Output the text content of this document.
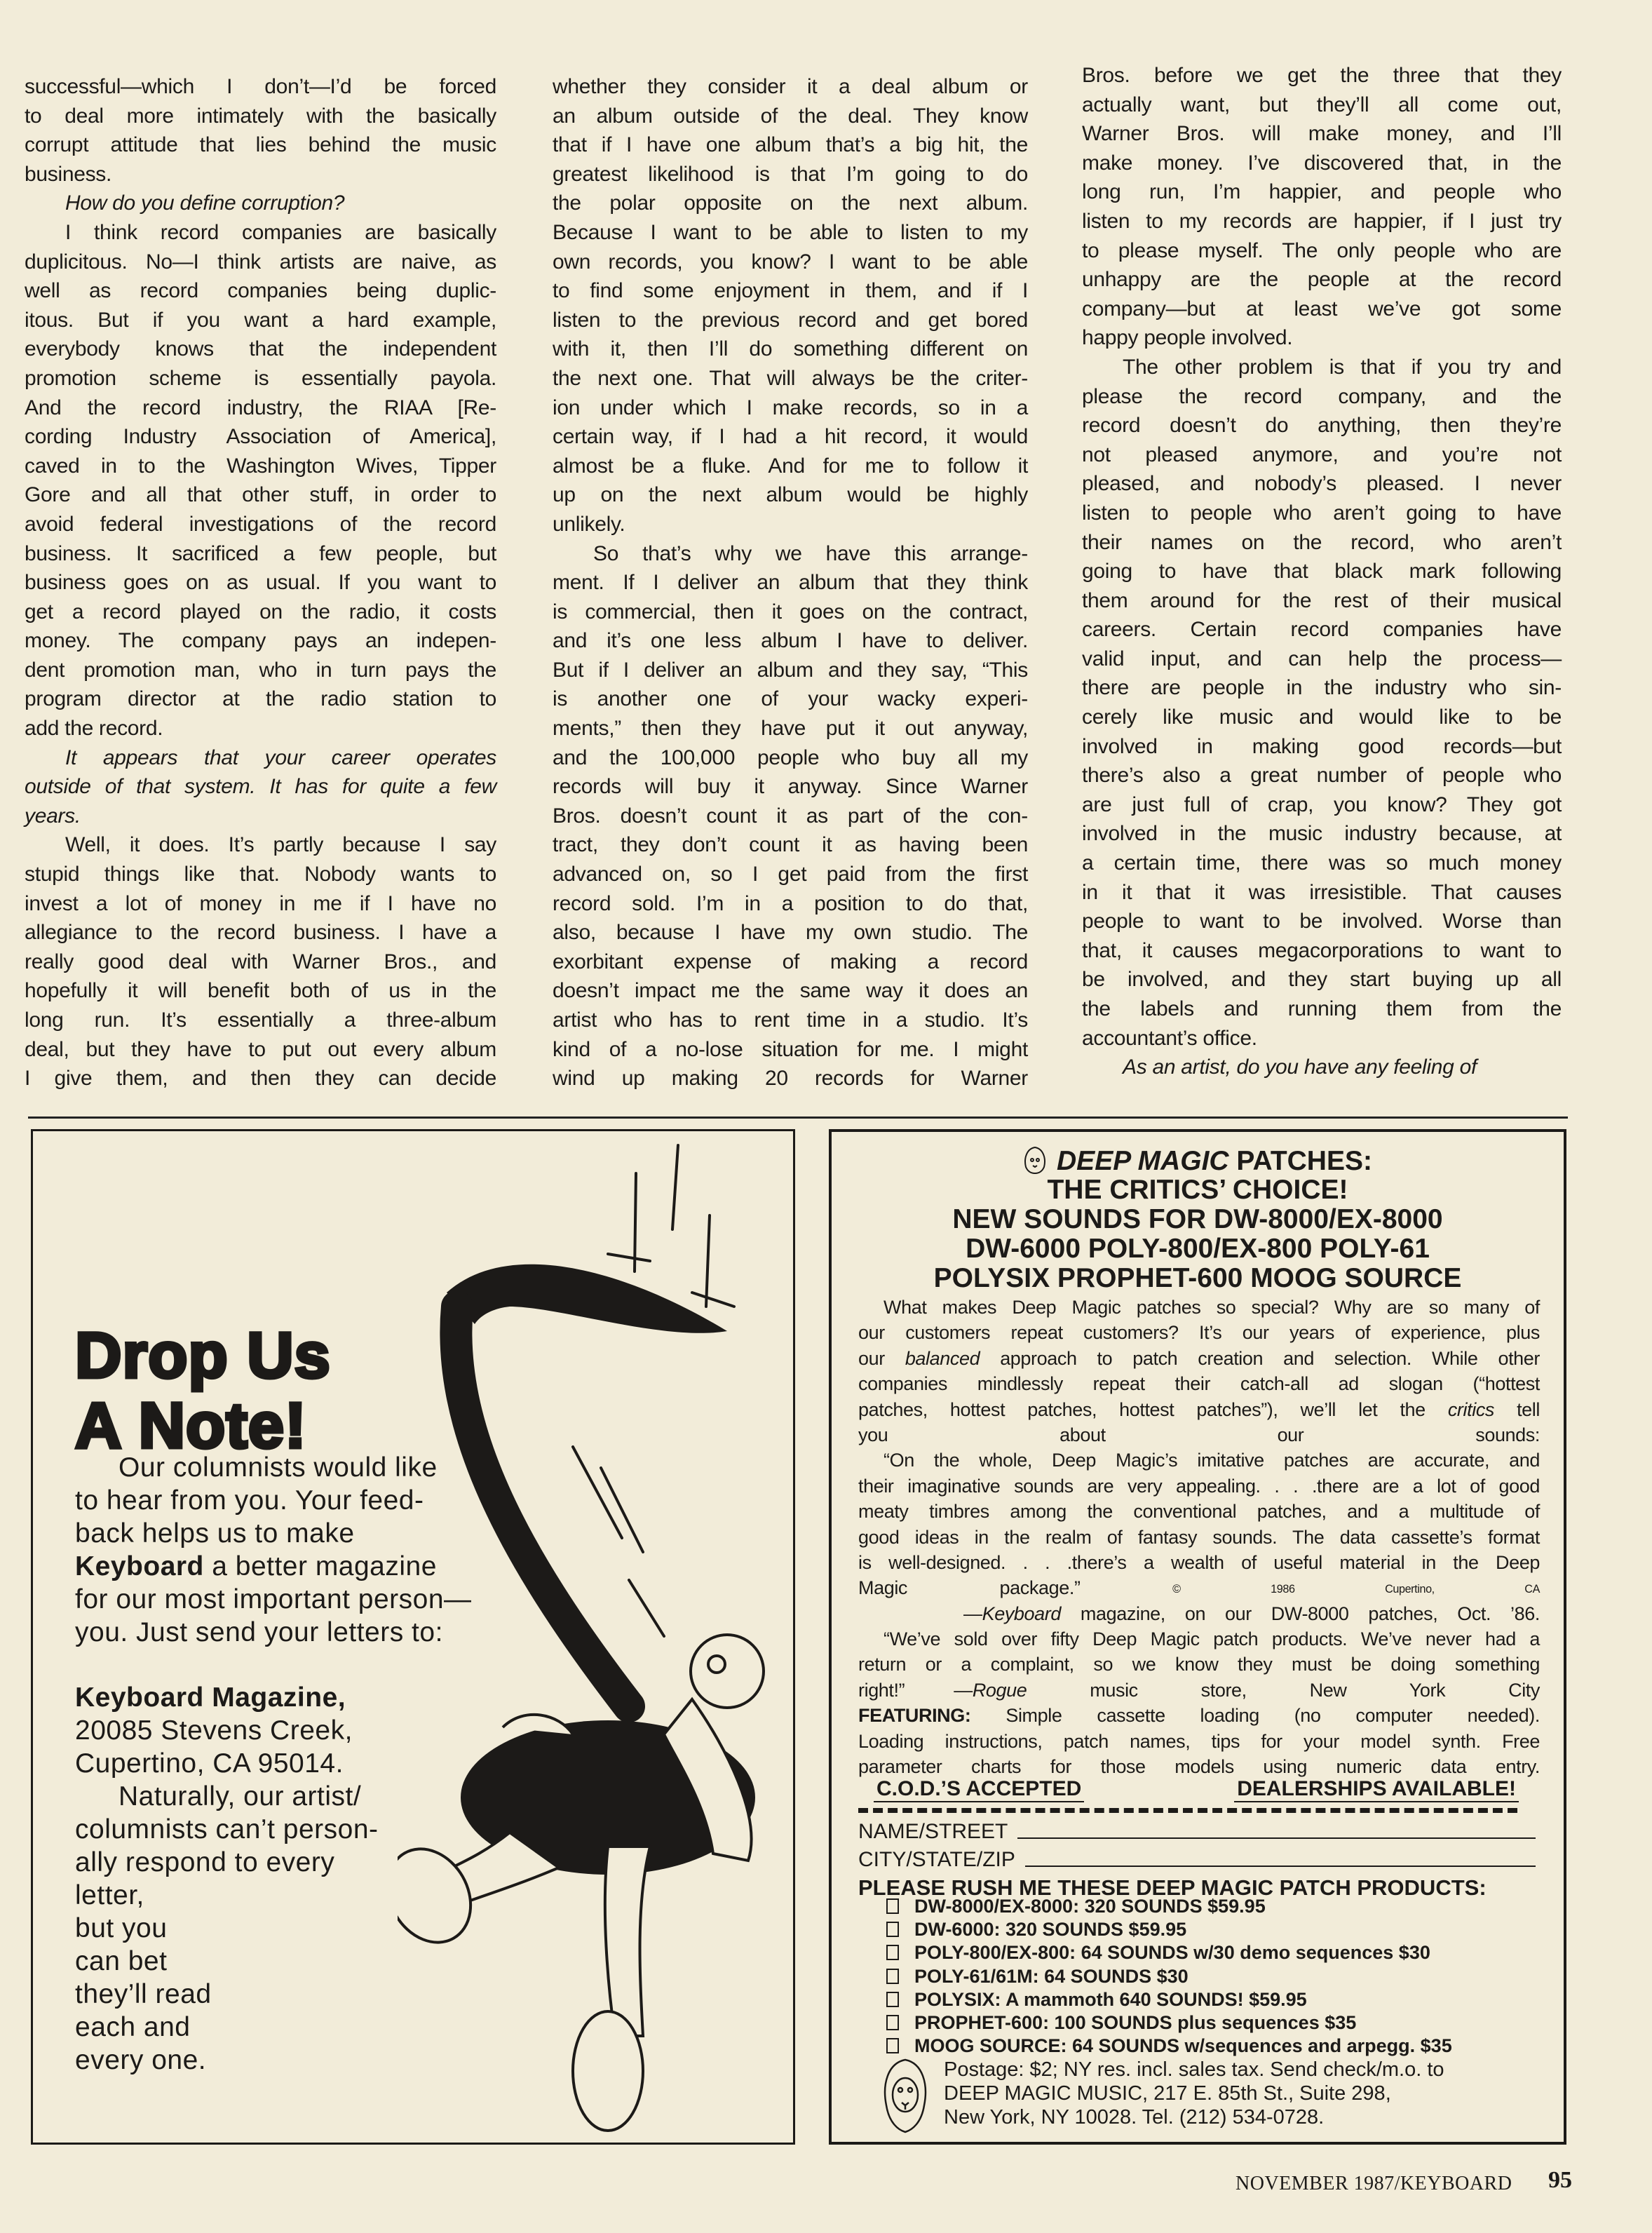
successful—which I don’t—I’d be forced
to deal more intimately with the basically
corrupt attitude that lies behind the music
business.
How do you define corruption?
I think record companies are basically
duplicitous. No—I think artists are naive, as
well as record companies being duplic-
itous. But if you want a hard example,
everybody knows that the independent
promotion scheme is essentially payola.
And the record industry, the RIAA [Re-
cording Industry Association of America],
caved in to the Washington Wives, Tipper
Gore and all that other stuff, in order to
avoid federal investigations of the record
business. It sacrificed a few people, but
business goes on as usual. If you want to
get a record played on the radio, it costs
money. The company pays an indepen-
dent promotion man, who in turn pays the
program director at the radio station to
add the record.
It appears that your career operates
outside of that system. It has for quite a few
years.
Well, it does. It’s partly because I say
stupid things like that. Nobody wants to
invest a lot of money in me if I have no
allegiance to the record business. I have a
really good deal with Warner Bros., and
hopefully it will benefit both of us in the
long run. It’s essentially a three-album
deal, but they have to put out every album
I give them, and then they can decide
whether they consider it a deal album or
an album outside of the deal. They know
that if I have one album that’s a big hit, the
greatest likelihood is that I’m going to do
the polar opposite on the next album.
Because I want to be able to listen to my
own records, you know? I want to be able
to find some enjoyment in them, and if I
listen to the previous record and get bored
with it, then I’ll do something different on
the next one. That will always be the criter-
ion under which I make records, so in a
certain way, if I had a hit record, it would
almost be a fluke. And for me to follow it
up on the next album would be highly
unlikely.
So that’s why we have this arrange-
ment. If I deliver an album that they think
is commercial, then it goes on the contract,
and it’s one less album I have to deliver.
But if I deliver an album and they say, “This
is another one of your wacky experi-
ments,” then they have put it out anyway,
and the 100,000 people who buy all my
records will buy it anyway. Since Warner
Bros. doesn’t count it as part of the con-
tract, they don’t count it as having been
advanced on, so I get paid from the first
record sold. I’m in a position to do that,
also, because I have my own studio. The
exorbitant expense of making a record
doesn’t impact me the same way it does an
artist who has to rent time in a studio. It’s
kind of a no-lose situation for me. I might
wind up making 20 records for Warner
Bros. before we get the three that they
actually want, but they’ll all come out,
Warner Bros. will make money, and I’ll
make money. I’ve discovered that, in the
long run, I’m happier, and people who
listen to my records are happier, if I just try
to please myself. The only people who are
unhappy are the people at the record
company—but at least we’ve got some
happy people involved.
The other problem is that if you try and
please the record company, and the
record doesn’t do anything, then they’re
not pleased anymore, and you’re not
pleased, and nobody’s pleased. I never
listen to people who aren’t going to have
their names on the record, who aren’t
going to have that black mark following
them around for the rest of their musical
careers. Certain record companies have
valid input, and can help the process—
there are people in the industry who sin-
cerely like music and would like to be
involved in making good records—but
there’s also a great number of people who
are just full of crap, you know? They got
involved in the music industry because, at
a certain time, there was so much money
in it that it was irresistible. That causes
people to want to be involved. Worse than
that, it causes megacorporations to want to
be involved, and they start buying up all
the labels and running them from the
accountant’s office.
As an artist, do you have any feeling of
Drop Us
A Note!
Our columnists would like
to hear from you. Your feed-
back helps us to make
Keyboard a better magazine
for our most important person—
you. Just send your letters to:
Keyboard Magazine,
20085 Stevens Creek,
Cupertino, CA 95014.
Naturally, our artist/
columnists can’t person-
ally respond to every
letter,
but you
can bet
they’ll read
each and
every one.
DEEP MAGIC PATCHES:
THE CRITICS’ CHOICE!
NEW SOUNDS FOR DW-8000/EX-8000
DW-6000 POLY-800/EX-800 POLY-61
POLYSIX PROPHET-600 MOOG SOURCE
What makes Deep Magic patches so special? Why are so many of
our customers repeat customers? It’s our years of experience, plus
our balanced approach to patch creation and selection. While other
companies mindlessly repeat their catch-all ad slogan (“hottest
patches, hottest patches, hottest patches”), we’ll let the critics tell
you about our sounds:
“On the whole, Deep Magic’s imitative patches are accurate, and
their imaginative sounds are very appealing. . . .there are a lot of good
meaty timbres among the conventional patches, and a multitude of
good ideas in the realm of fantasy sounds. The data cassette’s format
is well-designed. . . .there’s a wealth of useful material in the Deep
Magic package.” © 1986 Cupertino, CA
—Keyboard magazine, on our DW-8000 patches, Oct. ’86.
“We’ve sold over fifty Deep Magic patch products. We’ve never had a
return or a complaint, so we know they must be doing something
right!”	—Rogue music store, New York City
FEATURING: Simple cassette loading (no computer needed).
Loading instructions, patch names, tips for your model synth. Free
parameter charts for those models using numeric data entry.
C.O.D.’S ACCEPTED	DEALERSHIPS AVAILABLE!
NAME/STREET
CITY/STATE/ZIP
PLEASE RUSH ME THESE DEEP MAGIC PATCH PRODUCTS:
DW-8000/EX-8000: 320 SOUNDS $59.95
DW-6000: 320 SOUNDS $59.95
POLY-800/EX-800: 64 SOUNDS w/30 demo sequences $30
POLY-61/61M: 64 SOUNDS $30
POLYSIX: A mammoth 640 SOUNDS! $59.95
PROPHET-600: 100 SOUNDS plus sequences $35
MOOG SOURCE: 64 SOUNDS w/sequences and arpegg. $35
Postage: $2; NY res. incl. sales tax. Send check/m.o. to
DEEP MAGIC MUSIC, 217 E. 85th St., Suite 298,
New York, NY 10028. Tel. (212) 534-0728.
NOVEMBER 1987/KEYBOARD 95
